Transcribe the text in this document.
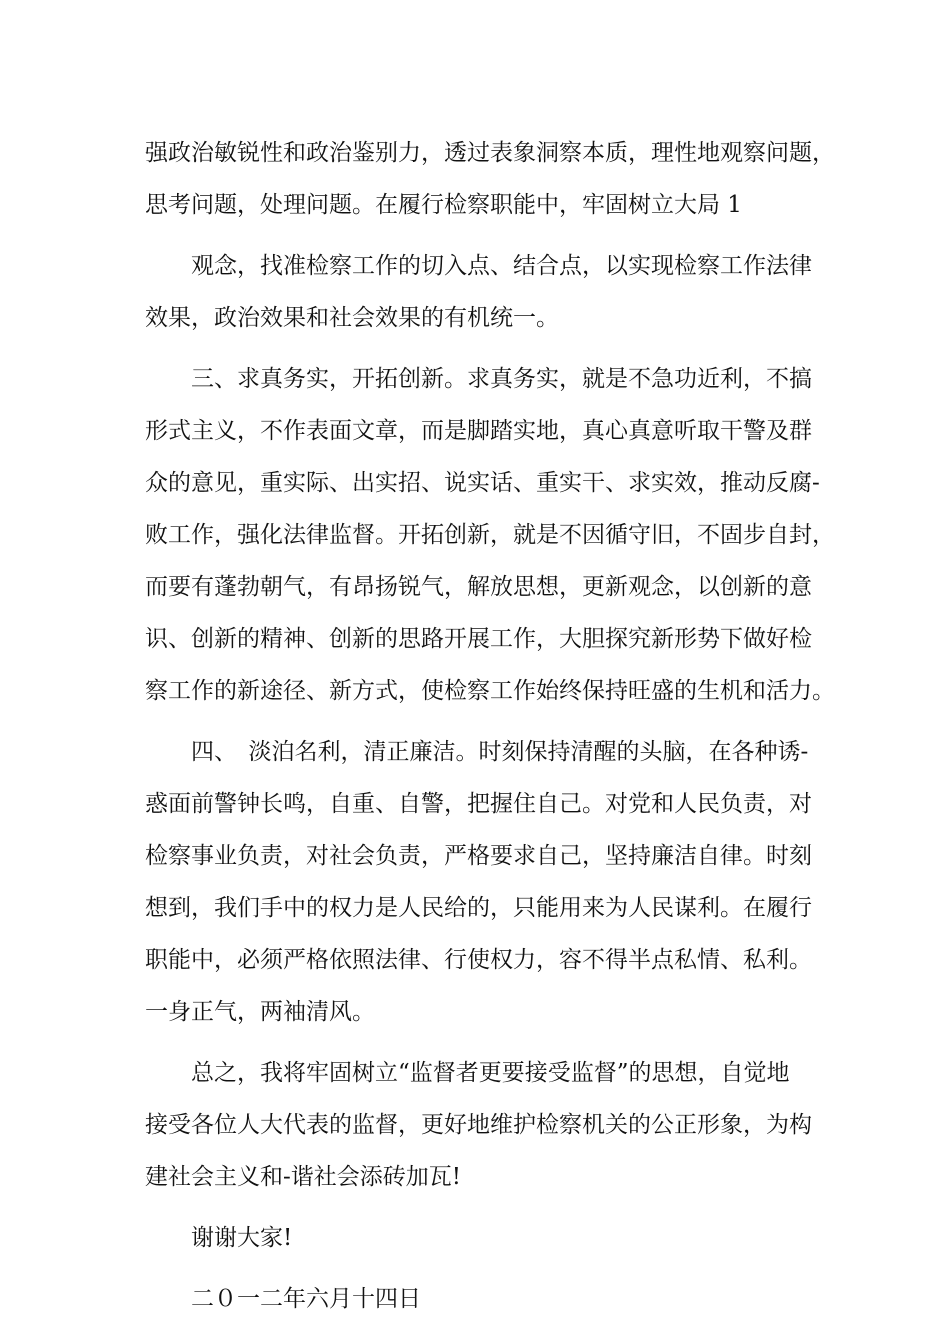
强政治敏锐性和政治鉴别力，透过表象洞察本质，理性地观察问题，
思考问题，处理问题。在履行检察职能中，牢固树立大局 1
观念，找准检察工作的切入点、结合点，以实现检察工作法律
效果，政治效果和社会效果的有机统一。
三、求真务实，开拓创新。求真务实，就是不急功近利，不搞
形式主义，不作表面文章，而是脚踏实地，真心真意听取干警及群
众的意见，重实际、出实招、说实话、重实干、求实效，推动反腐-
败工作，强化法律监督。开拓创新，就是不因循守旧，不固步自封，
而要有蓬勃朝气，有昂扬锐气，解放思想，更新观念，以创新的意
识、创新的精神、创新的思路开展工作，大胆探究新形势下做好检
察工作的新途径、新方式，使检察工作始终保持旺盛的生机和活力。
四、　淡泊名利，清正廉洁。时刻保持清醒的头脑，在各种诱-
惑面前警钟长鸣，自重、自警，把握住自己。对党和人民负责，对
检察事业负责，对社会负责，严格要求自己，坚持廉洁自律。时刻
想到，我们手中的权力是人民给的，只能用来为人民谋利。在履行
职能中，必须严格依照法律、行使权力，容不得半点私情、私利。
一身正气，两袖清风。
总之，我将牢固树立“监督者更要接受监督”的思想，自觉地
接受各位人大代表的监督，更好地维护检察机关的公正形象，为构
建社会主义和-谐社会添砖加瓦!
谢谢大家!
二０一二年六月十四日
